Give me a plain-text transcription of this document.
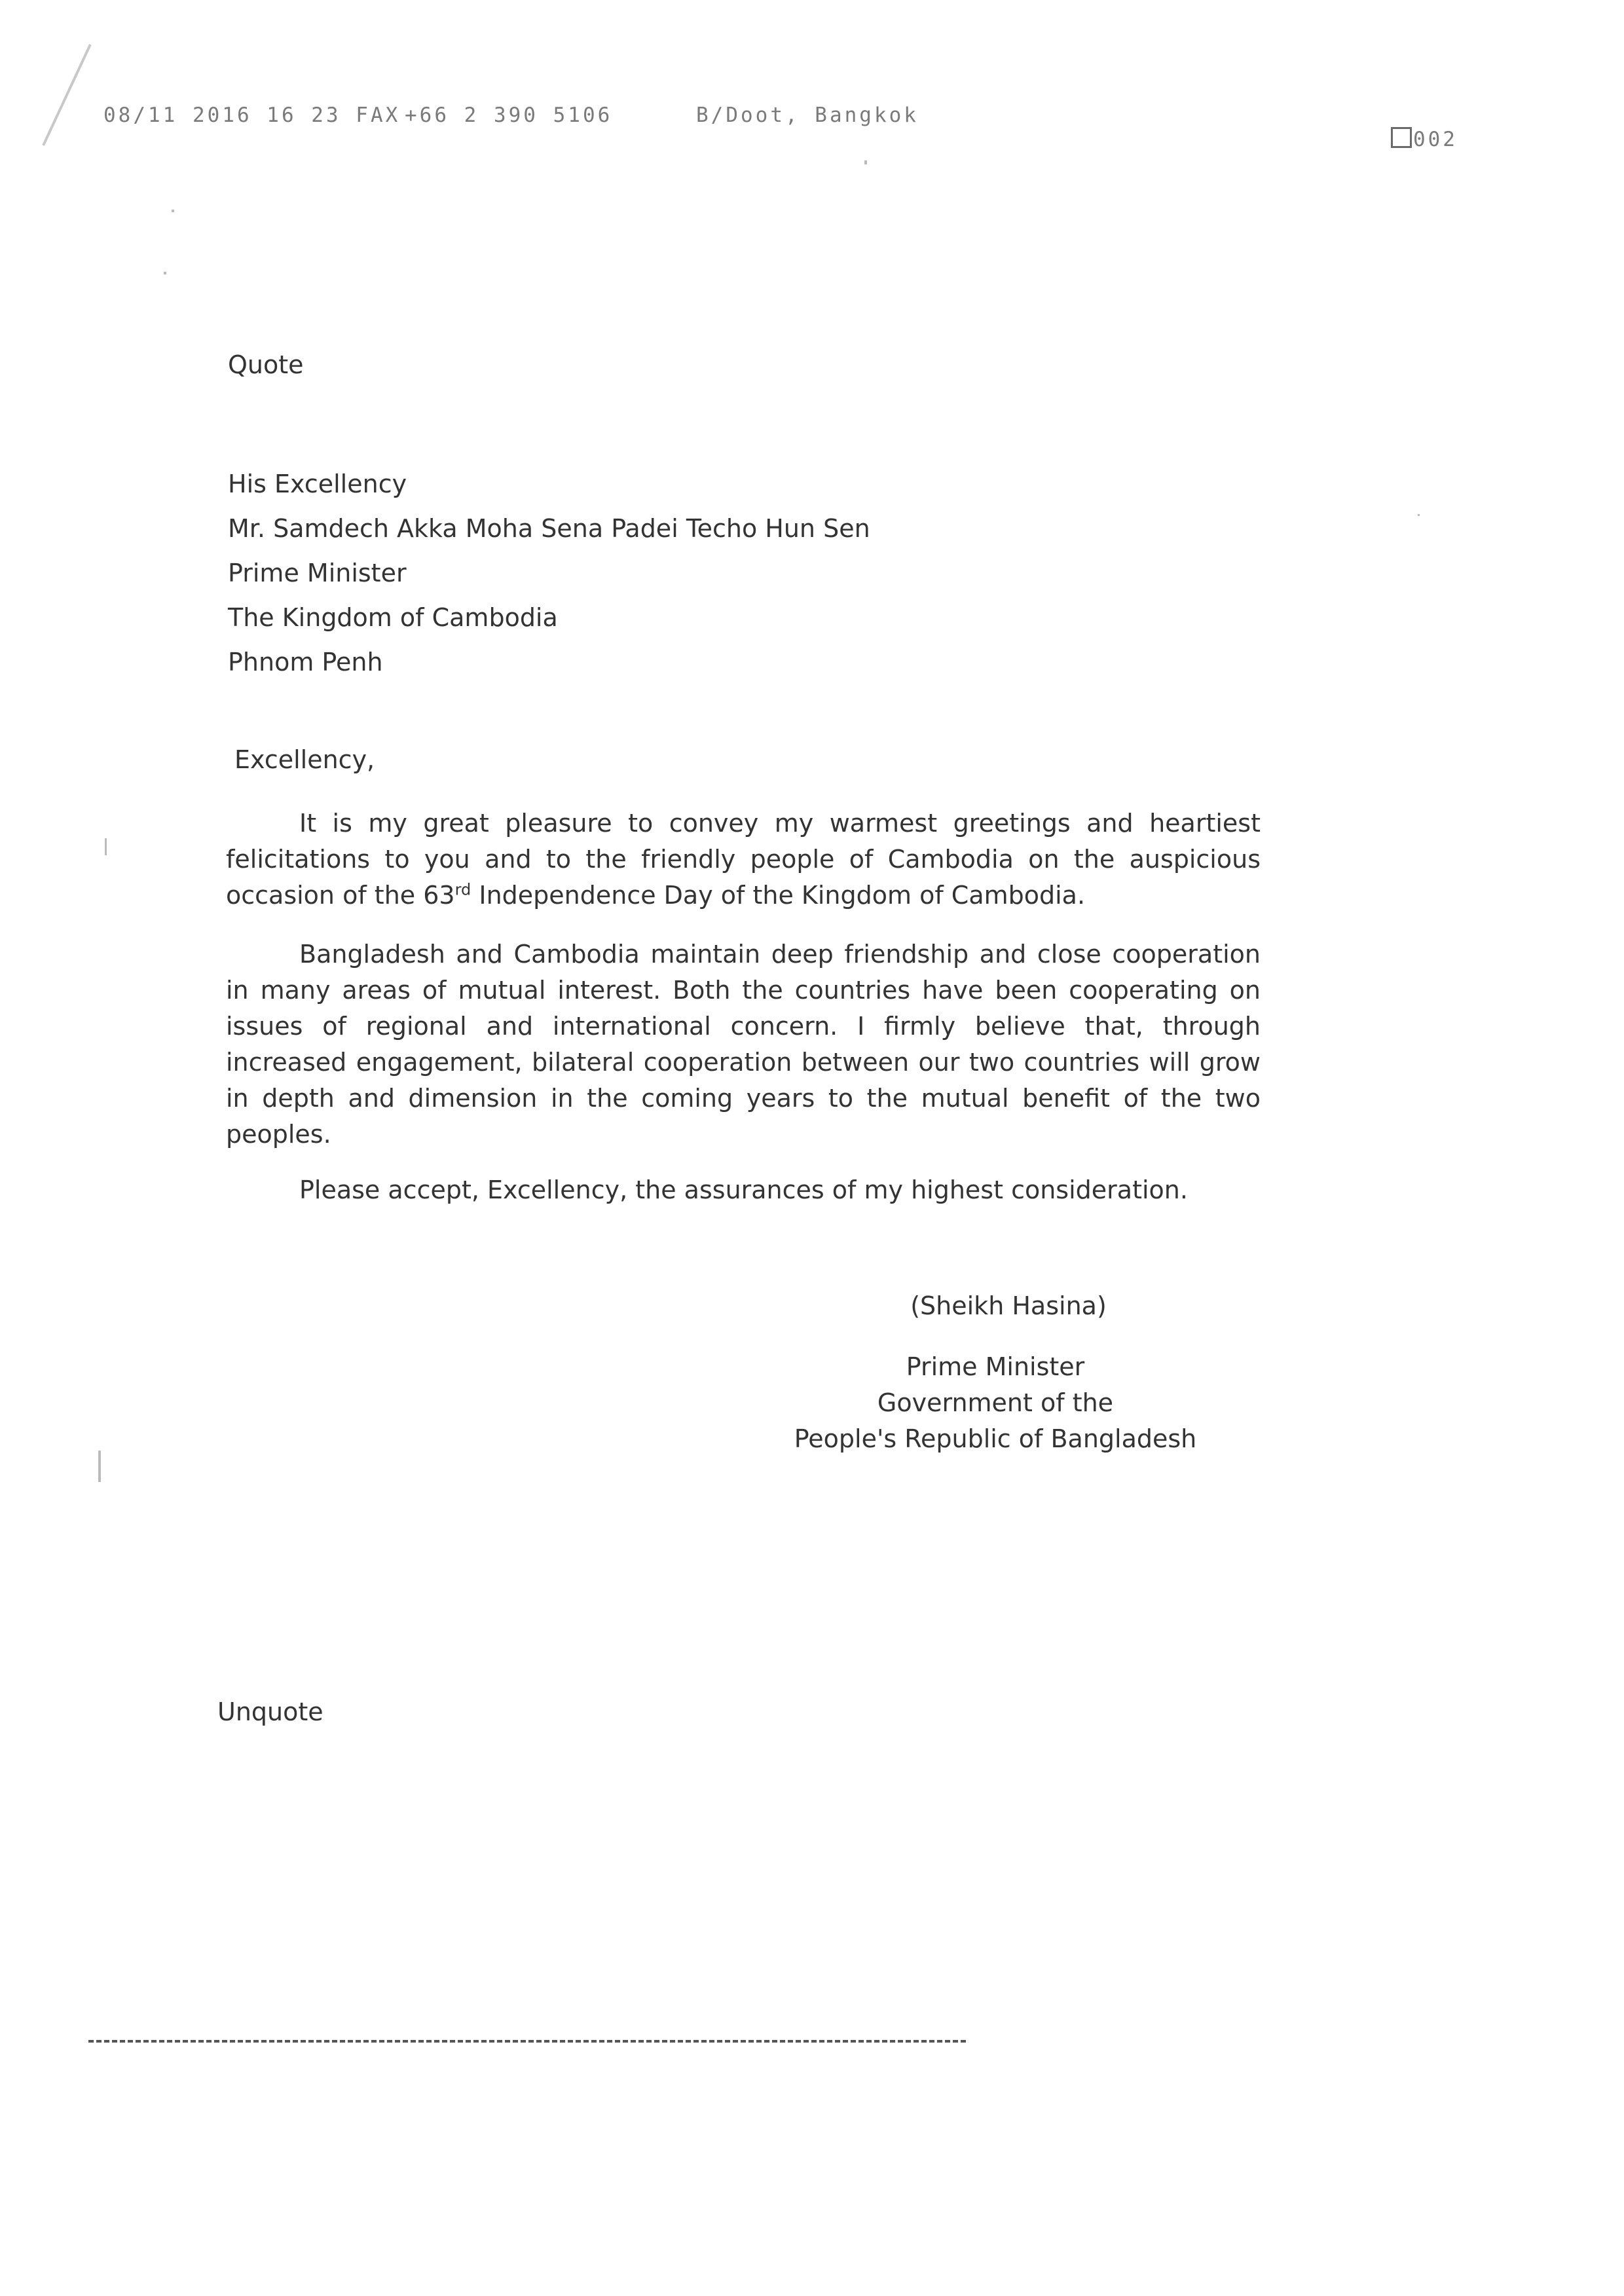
08/11 2016 16 23 FAX

+66 2 390 5106

	B/Doot, Bangkok

002

Quote
His Excellency
Mr. Samdech Akka Moha Sena Padei Techo Hun Sen
Prime Minister
The Kingdom of Cambodia
Phnom Penh
Excellency,
It is my great pleasure to convey my warmest greetings and heartiest felicitations to you and to the friendly people of Cambodia on the auspicious occasion of the 63rd Independence Day of the Kingdom of Cambodia.
Bangladesh and Cambodia maintain deep friendship and close cooperation in many areas of mutual interest. Both the countries have been cooperating on issues of regional and international concern. I firmly believe that, through increased engagement, bilateral cooperation between our two countries will grow in depth and dimension in the coming years to the mutual benefit of the two peoples.
Please accept, Excellency, the assurances of my highest consideration.
(Sheikh Hasina)
Prime Minister
Government of the
People's Republic of Bangladesh
Unquote
